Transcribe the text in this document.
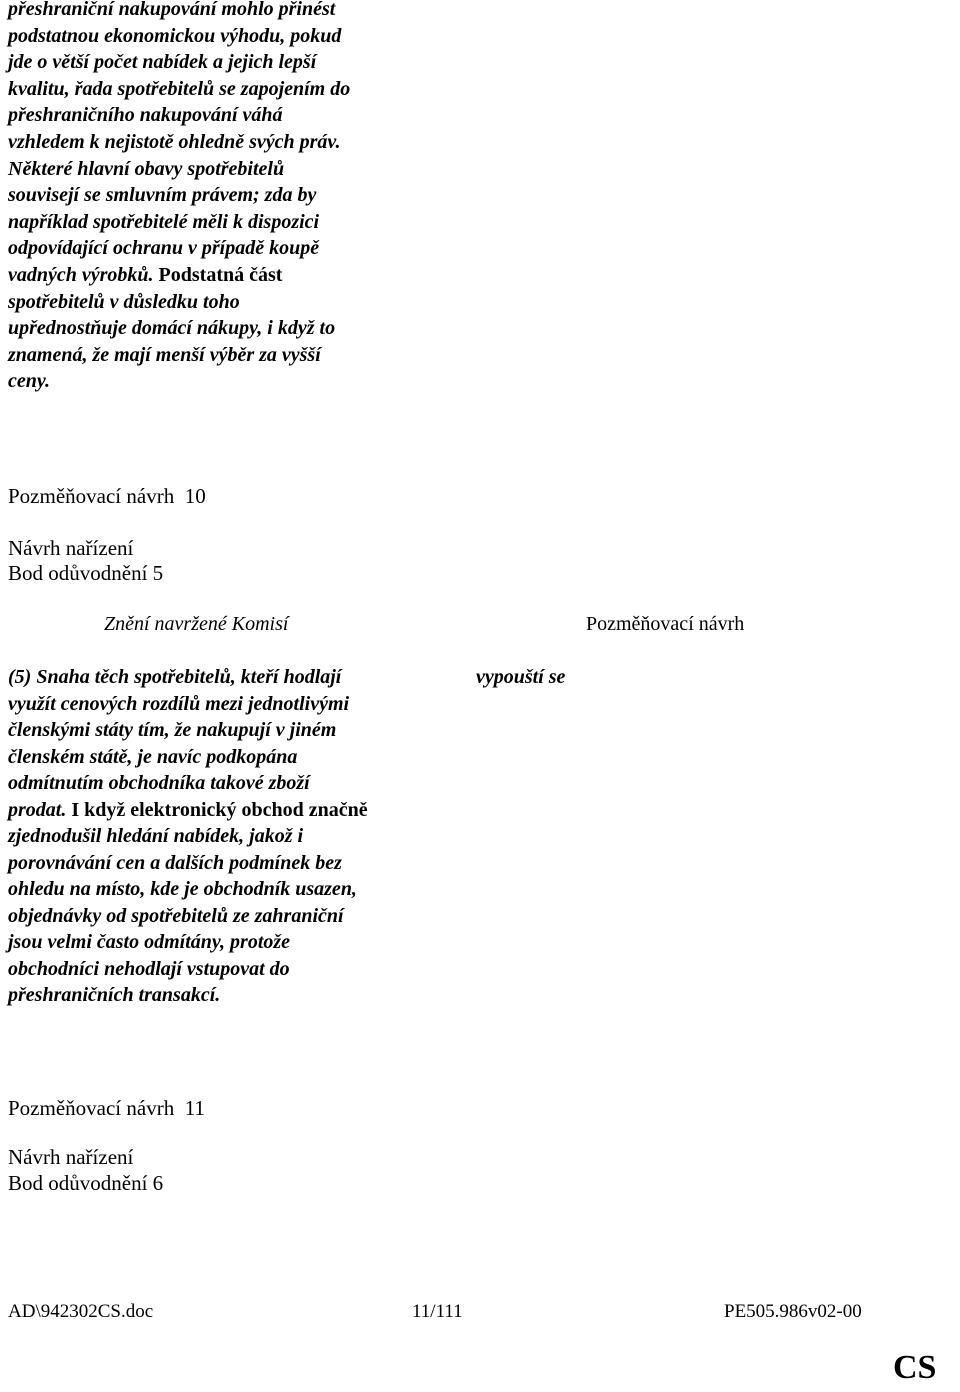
přeshraniční nakupování mohlo přinést
podstatnou ekonomickou výhodu, pokud
jde o větší počet nabídek a jejich lepší
kvalitu, řada spotřebitelů se zapojením do
přeshraničního nakupování váhá
vzhledem k nejistotě ohledně svých práv.
Některé hlavní obavy spotřebitelů
souvisejí se smluvním právem; zda by
například spotřebitelé měli k dispozici
odpovídající ochranu v případě koupě
vadných výrobků. Podstatná část
spotřebitelů v důsledku toho
upřednostňuje domácí nákupy, i když to
znamená, že mají menší výběr za vyšší
ceny.
Pozměňovací návrh 10
Návrh nařízení
Bod odůvodnění 5
Znění navržené Komisí	Pozměňovací návrh
(5) Snaha těch spotřebitelů, kteří hodlají
využít cenových rozdílů mezi jednotlivými
členskými státy tím, že nakupují v jiném
členském státě, je navíc podkopána
odmítnutím obchodníka takové zboží
prodat. I když elektronický obchod značně
zjednodušil hledání nabídek, jakož i
porovnávání cen a dalších podmínek bez
ohledu na místo, kde je obchodník usazen,
objednávky od spotřebitelů ze zahraniční
jsou velmi často odmítány, protože
obchodníci nehodlají vstupovat do
přeshraničních transakcí.
vypouští se
Pozměňovací návrh 11
Návrh nařízení
Bod odůvodnění 6
AD\942302CS.doc	11/111	PE505.986v02-00
CS
